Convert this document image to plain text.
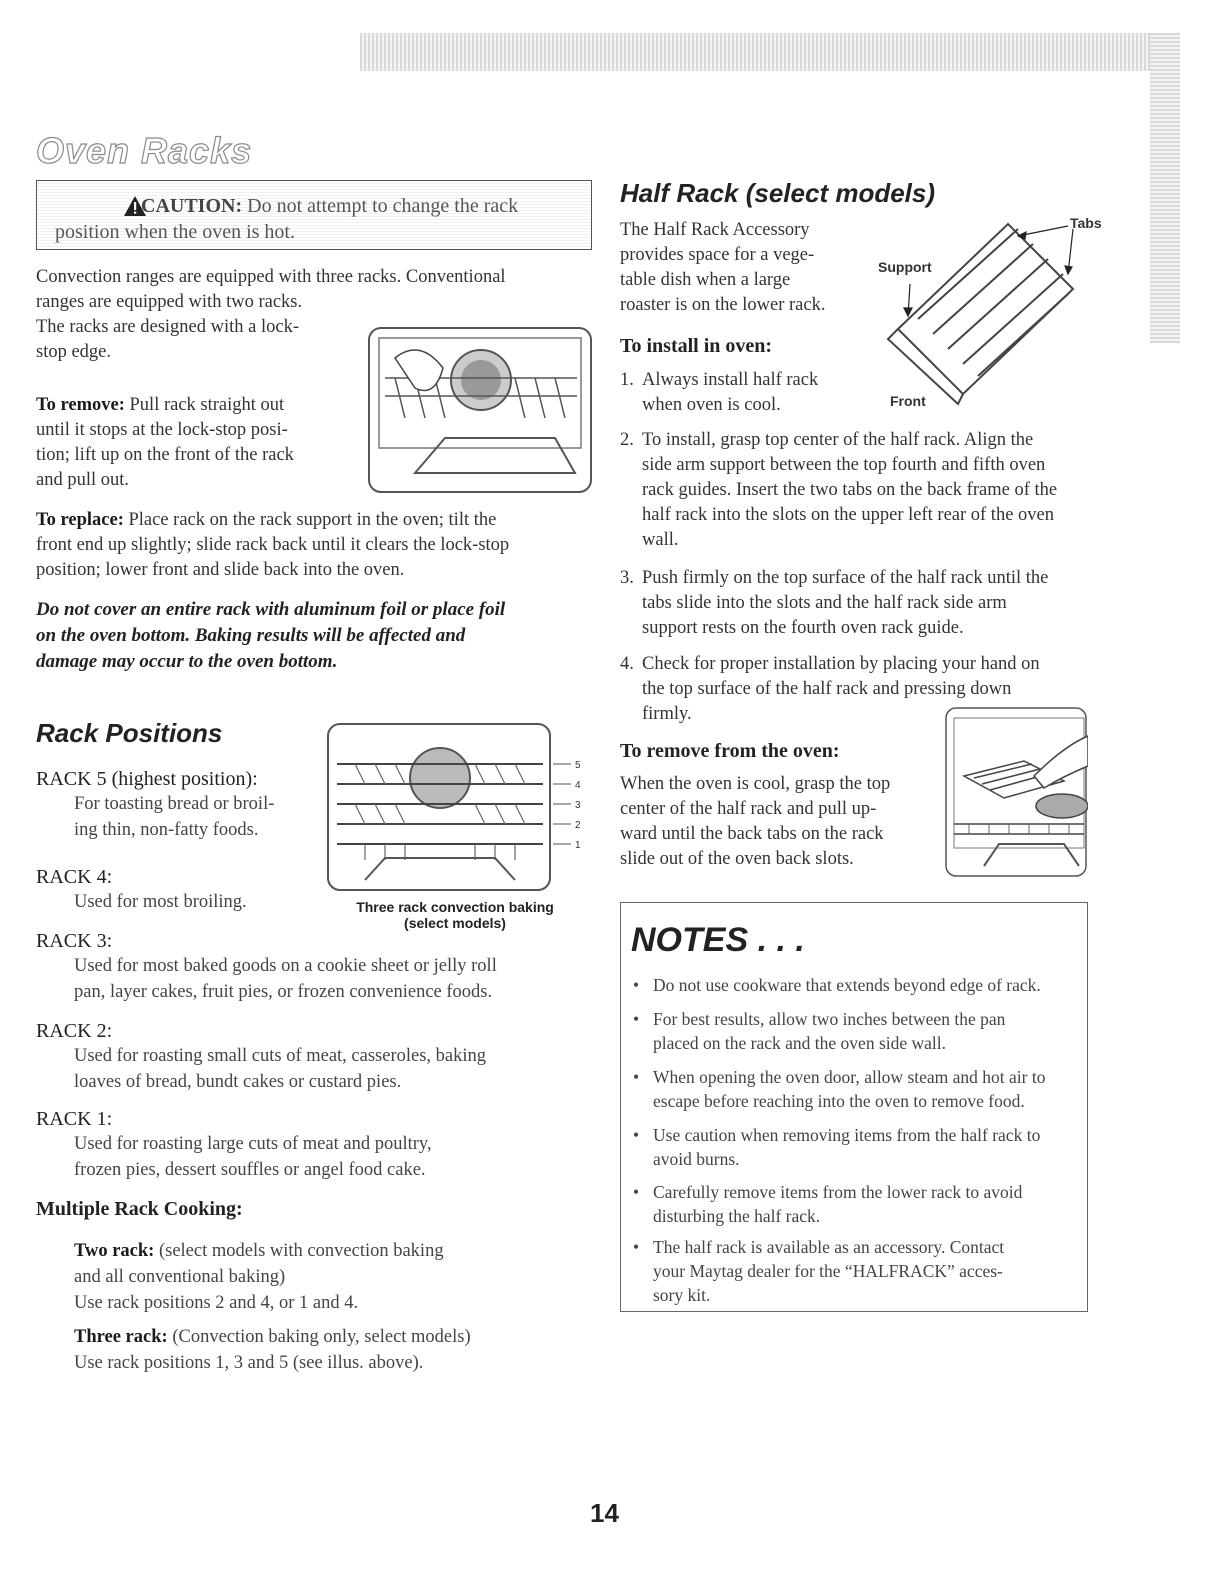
Oven Racks
CAUTION: Do not attempt to change the rack position when the oven is hot.
Convection ranges are equipped with three racks. Conventional
ranges are equipped with two racks.
The racks are designed with a lock-
stop edge.
To remove: Pull rack straight out
until it stops at the lock-stop posi-
tion; lift up on the front of the rack
and pull out.
To replace: Place rack on the rack support in the oven; tilt the
front end up slightly; slide rack back until it clears the lock-stop
position; lower front and slide back into the oven.
Do not cover an entire rack with aluminum foil or place foil
on the oven bottom. Baking results will be affected and
damage may occur to the oven bottom.
Rack Positions
5
4
3
2
1
Three rack convection baking
(select models)
RACK 5 (highest position):
For toasting bread or broil-
ing thin, non-fatty foods.
RACK 4:
Used for most broiling.
RACK 3:
Used for most baked goods on a cookie sheet or jelly roll
pan, layer cakes, fruit pies, or frozen convenience foods.
RACK 2:
Used for roasting small cuts of meat, casseroles, baking
loaves of bread, bundt cakes or custard pies.
RACK 1:
Used for roasting large cuts of meat and poultry,
frozen pies, dessert souffles or angel food cake.
Multiple Rack Cooking:
Two rack: (select models with convection baking
and all conventional baking)
Use rack positions 2 and 4, or 1 and 4.
Three rack: (Convection baking only, select models)
Use rack positions 1, 3 and 5 (see illus. above).
Half Rack (select models)
The Half Rack Accessory
provides space for a vege-
table dish when a large
roaster is on the lower rack.
Tabs
Support
Front
To install in oven:
1. Always install half rack
when oven is cool.
2. To install, grasp top center of the half rack. Align the
side arm support between the top fourth and fifth oven
rack guides. Insert the two tabs on the back frame of the
half rack into the slots on the upper left rear of the oven
wall.
3. Push firmly on the top surface of the half rack until the
tabs slide into the slots and the half rack side arm
support rests on the fourth oven rack guide.
4. Check for proper installation by placing your hand on
the top surface of the half rack and pressing down
firmly.
To remove from the oven:
When the oven is cool, grasp the top
center of the half rack and pull up-
ward until the back tabs on the rack
slide out of the oven back slots.
NOTES . . .
• Do not use cookware that extends beyond edge of rack.
• For best results, allow two inches between the pan
placed on the rack and the oven side wall.
• When opening the oven door, allow steam and hot air to
escape before reaching into the oven to remove food.
• Use caution when removing items from the half rack to
avoid burns.
• Carefully remove items from the lower rack to avoid
disturbing the half rack.
• The half rack is available as an accessory. Contact
your Maytag dealer for the “HALFRACK” acces-
sory kit.
14
